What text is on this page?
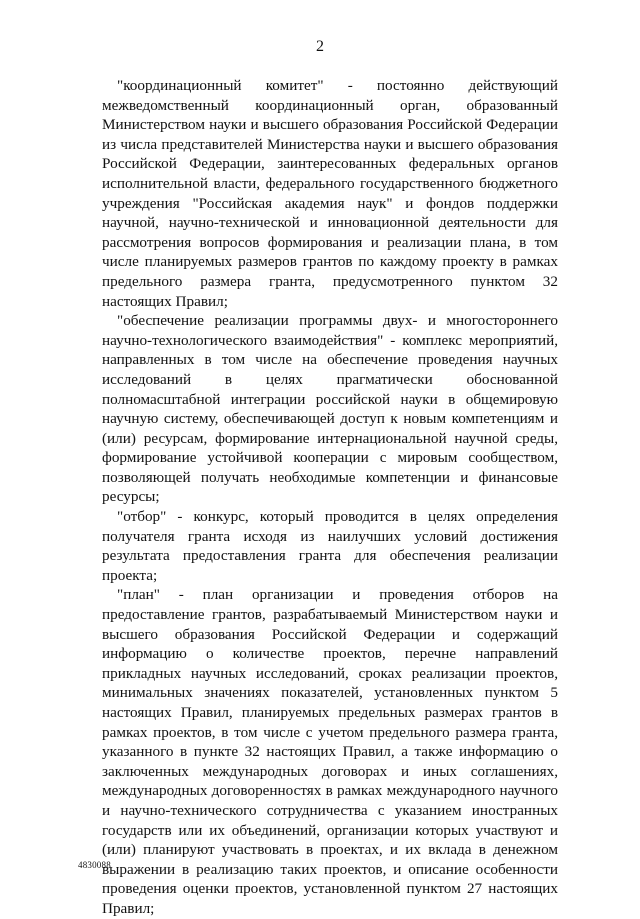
2

"координационный комитет" - постоянно действующий межведомственный координационный орган, образованный Министерством науки и высшего образования Российской Федерации из числа представителей Министерства науки и высшего образования Российской Федерации, заинтересованных федеральных органов исполнительной власти, федерального государственного бюджетного учреждения "Российская академия наук" и фондов поддержки научной, научно-технической и инновационной деятельности для рассмотрения вопросов формирования и реализации плана, в том числе планируемых размеров грантов по каждому проекту в рамках предельного размера гранта, предусмотренного пунктом 32 настоящих Правил;

"обеспечение реализации программы двух- и многостороннего научно-технологического взаимодействия" - комплекс мероприятий, направленных в том числе на обеспечение проведения научных исследований в целях прагматически обоснованной полномасштабной интеграции российской науки в общемировую научную систему, обеспечивающей доступ к новым компетенциям и (или) ресурсам, формирование интернациональной научной среды, формирование устойчивой кооперации с мировым сообществом, позволяющей получать необходимые компетенции и финансовые ресурсы;

"отбор" - конкурс, который проводится в целях определения получателя гранта исходя из наилучших условий достижения результата предоставления гранта для обеспечения реализации проекта;

"план" - план организации и проведения отборов на предоставление грантов, разрабатываемый Министерством науки и высшего образования Российской Федерации и содержащий информацию о количестве проектов, перечне направлений прикладных научных исследований, сроках реализации проектов, минимальных значениях показателей, установленных пунктом 5 настоящих Правил, планируемых предельных размерах грантов в рамках проектов, в том числе с учетом предельного размера гранта, указанного в пункте 32 настоящих Правил, а также информацию о заключенных международных договорах и иных соглашениях, международных договоренностях в рамках международного научного и научно-технического сотрудничества с указанием иностранных государств или их объединений, организации которых участвуют и (или) планируют участвовать в проектах, и их вклада в денежном выражении в реализацию таких проектов, и описание особенности проведения оценки проектов, установленной пунктом 27 настоящих Правил;

4830088
